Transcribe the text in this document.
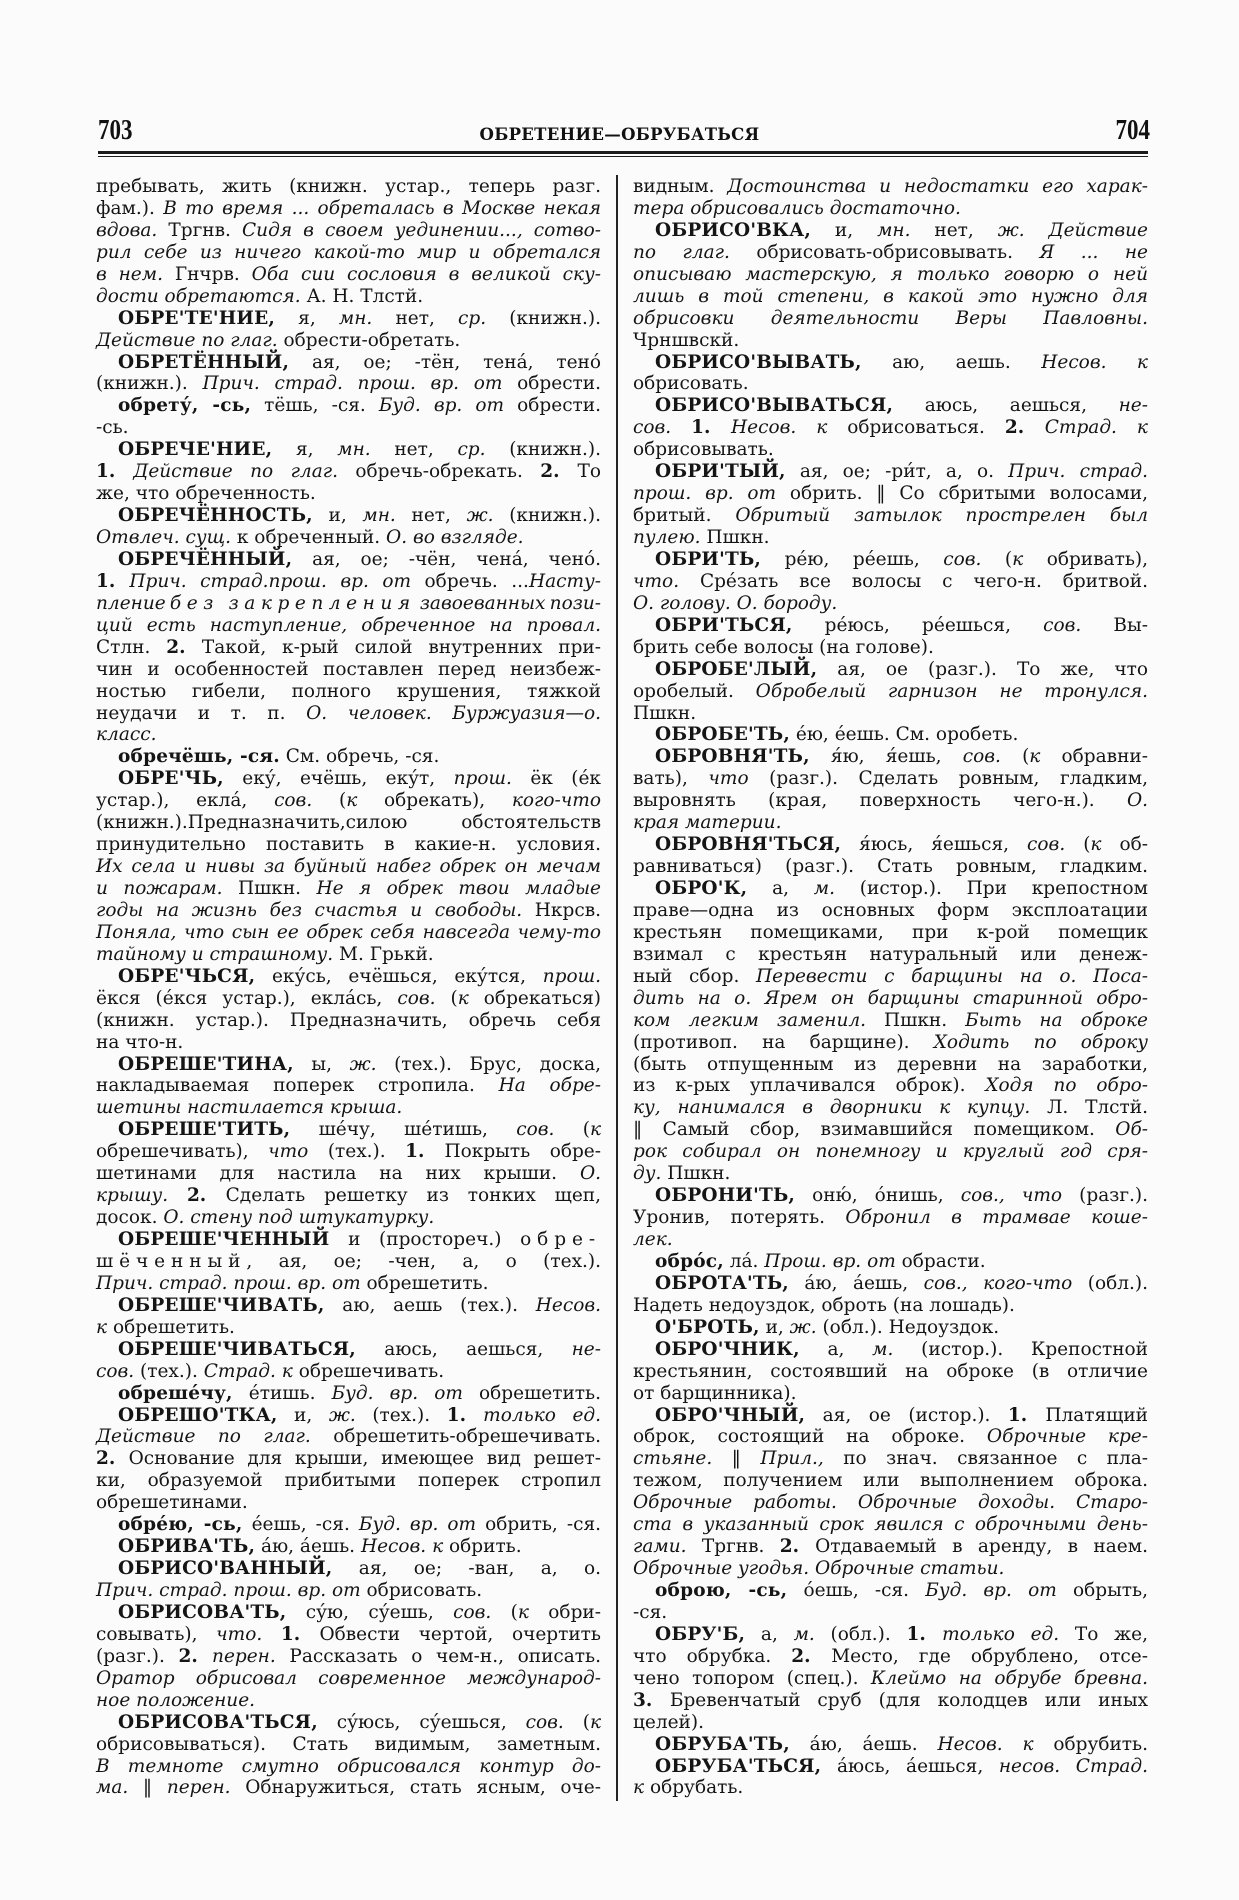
703	ОБРЕТЕНИЕ—ОБРУБАТЬСЯ	704
пребывать, жить (книжн. устар., теперь разг.
фам.). В то время ... обреталась в Москве некая
вдова. Тргнв. Сидя в своем уединении..., сотво-
рил себе из ничего какой-то мир и обретался
в нем. Гнчрв. Оба сии сословия в великой ску-
дости обретаются. А. Н. Тлстй.
ОБРЕ'ТЕ'НИЕ, я, мн. нет, ср. (книжн.).
Действие по глаг. обрести-обретать.
ОБРЕТЁННЫЙ, ая, ое; -тён, тена́, тено́
(книжн.). Прич. страд. прош. вр. от обрести.
обрету́, -сь, тёшь, -ся. Буд. вр. от обрести.
-сь.
ОБРЕЧЕ'НИЕ, я, мн. нет, ср. (книжн.).
1. Действие по глаг. обречь-обрекать. 2. То
же, что обреченность.
ОБРЕЧЁННОСТЬ, и, мн. нет, ж. (книжн.).
Отвлеч. сущ. к обреченный. О. во взгляде.
ОБРЕЧЁННЫЙ, ая, ое; -чён, чена́, чено́.
1. Прич. страд.прош. вр. от обречь. ...Насту-
пление без закрепления завоеванных пози-
ций есть наступление, обреченное на провал.
Стлн. 2. Такой, к-рый силой внутренних при-
чин и особенностей поставлен перед неизбеж-
ностью гибели, полного крушения, тяжкой
неудачи и т. п. О. человек. Буржуазия—о.
класс.
обречёшь, -ся. См. обречь, -ся.
ОБРЕ'ЧЬ, еку́, ечёшь, еку́т, прош. ёк (е́к
устар.), екла́, сов. (к обрекать), кого-что
(книжн.).Предназначить,силою обстоятельств
принудительно поставить в какие-н. условия.
Их села и нивы за буйный набег обрек он мечам
и пожарам. Пшкн. Не я обрек твои младые
годы на жизнь без счастья и свободы. Нкрсв.
Поняла, что сын ее обрек себя навсегда чему-то
тайному и страшному. М. Грькй.
ОБРЕ'ЧЬСЯ, еку́сь, ечёшься, еку́тся, прош.
ёкся (е́кся устар.), екла́сь, сов. (к обрекаться)
(книжн. устар.). Предназначить, обречь себя
на что-н.
ОБРЕШЕ'ТИНА, ы, ж. (тех.). Брус, доска,
накладываемая поперек стропила. На обре-
шетины настилается крыша.
ОБРЕШЕ'ТИТЬ, ше́чу, ше́тишь, сов. (к
обрешечивать), что (тех.). 1. Покрыть обре-
шетинами для настила на них крыши. О.
крышу. 2. Сделать решетку из тонких щеп,
досок. О. стену под штукатурку.
ОБРЕШЕ'ЧЕННЫЙ и (простореч.) обре-
шёченный, ая, ое; -чен, а, о (тех.).
Прич. страд. прош. вр. от обрешетить.
ОБРЕШЕ'ЧИВАТЬ, аю, аешь (тех.). Несов.
к обрешетить.
ОБРЕШЕ'ЧИВАТЬСЯ, аюсь, аешься, не-
сов. (тех.). Страд. к обрешечивать.
обреше́чу, е́тишь. Буд. вр. от обрешетить.
ОБРЕШО'ТКА, и, ж. (тех.). 1. только ед.
Действие по глаг. обрешетить-обрешечивать.
2. Основание для крыши, имеющее вид решет-
ки, образуемой прибитыми поперек стропил
обрешетинами.
обре́ю, -сь, е́ешь, -ся. Буд. вр. от обрить, -ся.
ОБРИВА'ТЬ, а́ю, а́ешь. Несов. к обрить.
ОБРИСО'ВАННЫЙ, ая, ое; -ван, а, о.
Прич. страд. прош. вр. от обрисовать.
ОБРИСОВА'ТЬ, су́ю, су́ешь, сов. (к обри-
совывать), что. 1. Обвести чертой, очертить
(разг.). 2. перен. Рассказать о чем-н., описать.
Оратор обрисовал современное международ-
ное положение.
ОБРИСОВА'ТЬСЯ, су́юсь, су́ешься, сов. (к
обрисовываться). Стать видимым, заметным.
В темноте смутно обрисовался контур до-
ма. ‖ перен. Обнаружиться, стать ясным, оче-
видным. Достоинства и недостатки его харак-
тера обрисовались достаточно.
ОБРИСО'ВКА, и, мн. нет, ж. Действие
по глаг. обрисовать-обрисовывать. Я ... не
описываю мастерскую, я только говорю о ней
лишь в той степени, в какой это нужно для
обрисовки деятельности Веры Павловны.
Чрншвскй.
ОБРИСО'ВЫВАТЬ, аю, аешь. Несов. к
обрисовать.
ОБРИСО'ВЫВАТЬСЯ, аюсь, аешься, не-
сов. 1. Несов. к обрисоваться. 2. Страд. к
обрисовывать.
ОБРИ'ТЫЙ, ая, ое; -ри́т, а, о. Прич. страд.
прош. вр. от обрить. ‖ Со сбритыми волосами,
бритый. Обритый затылок прострелен был
пулею. Пшкн.
ОБРИ'ТЬ, ре́ю, ре́ешь, сов. (к обривать),
что. Сре́зать все волосы с чего-н. бритвой.
О. голову. О. бороду.
ОБРИ'ТЬСЯ, ре́юсь, ре́ешься, сов. Вы-
брить себе волосы (на голове).
ОБРОБЕ'ЛЫЙ, ая, ое (разг.). То же, что
оробелый. Обробелый гарнизон не тронулся.
Пшкн.
ОБРОБЕ'ТЬ, е́ю, е́ешь. См. оробеть.
ОБРОВНЯ'ТЬ, я́ю, я́ешь, сов. (к обравни-
вать), что (разг.). Сделать ровным, гладким,
выровнять (края, поверхность чего-н.). О.
края материи.
ОБРОВНЯ'ТЬСЯ, я́юсь, я́ешься, сов. (к об-
равниваться) (разг.). Стать ровным, гладким.
ОБРО'К, а, м. (истор.). При крепостном
праве—одна из основных форм эксплоатации
крестьян помещиками, при к-рой помещик
взимал с крестьян натуральный или денеж-
ный сбор. Перевести с барщины на о. Поса-
дить на о. Ярем он барщины старинной обро-
ком легким заменил. Пшкн. Быть на оброке
(противоп. на барщине). Ходить по оброку
(быть отпущенным из деревни на заработки,
из к-рых уплачивался оброк). Ходя по обро-
ку, нанимался в дворники к купцу. Л. Тлстй.
‖ Самый сбор, взимавшийся помещиком. Об-
рок собирал он понемногу и круглый год сря-
ду. Пшкн.
ОБРОНИ'ТЬ, оню́, о́нишь, сов., что (разг.).
Уронив, потерять. Обронил в трамвае коше-
лек.
обро́с, ла́. Прош. вр. от обрасти.
ОБРОТА'ТЬ, а́ю, а́ешь, сов., кого-что (обл.).
Надеть недоуздок, оброть (на лошадь).
О'БРОТЬ, и, ж. (обл.). Недоуздок.
ОБРО'ЧНИК, а, м. (истор.). Крепостной
крестьянин, состоявший на оброке (в отличие
от барщинника).
ОБРО'ЧНЫЙ, ая, ое (истор.). 1. Платящий
оброк, состоящий на оброке. Оброчные кре-
стьяне. ‖ Прил., по знач. связанное с пла-
тежом, получением или выполнением оброка.
Оброчные работы. Оброчные доходы. Старо-
ста в указанный срок явился с оброчными день-
гами. Тргнв. 2. Отдаваемый в аренду, в наем.
Оброчные угодья. Оброчные статьи.
оброю, -сь, о́ешь, -ся. Буд. вр. от обрыть,
-ся.
ОБРУ'Б, а, м. (обл.). 1. только ед. То же,
что обрубка. 2. Место, где обрублено, отсе-
чено топором (спец.). Клеймо на обрубе бревна.
3. Бревенчатый сруб (для колодцев или иных
целей).
ОБРУБА'ТЬ, а́ю, а́ешь. Несов. к обрубить.
ОБРУБА'ТЬСЯ, а́юсь, а́ешься, несов. Страд.
к обрубать.
